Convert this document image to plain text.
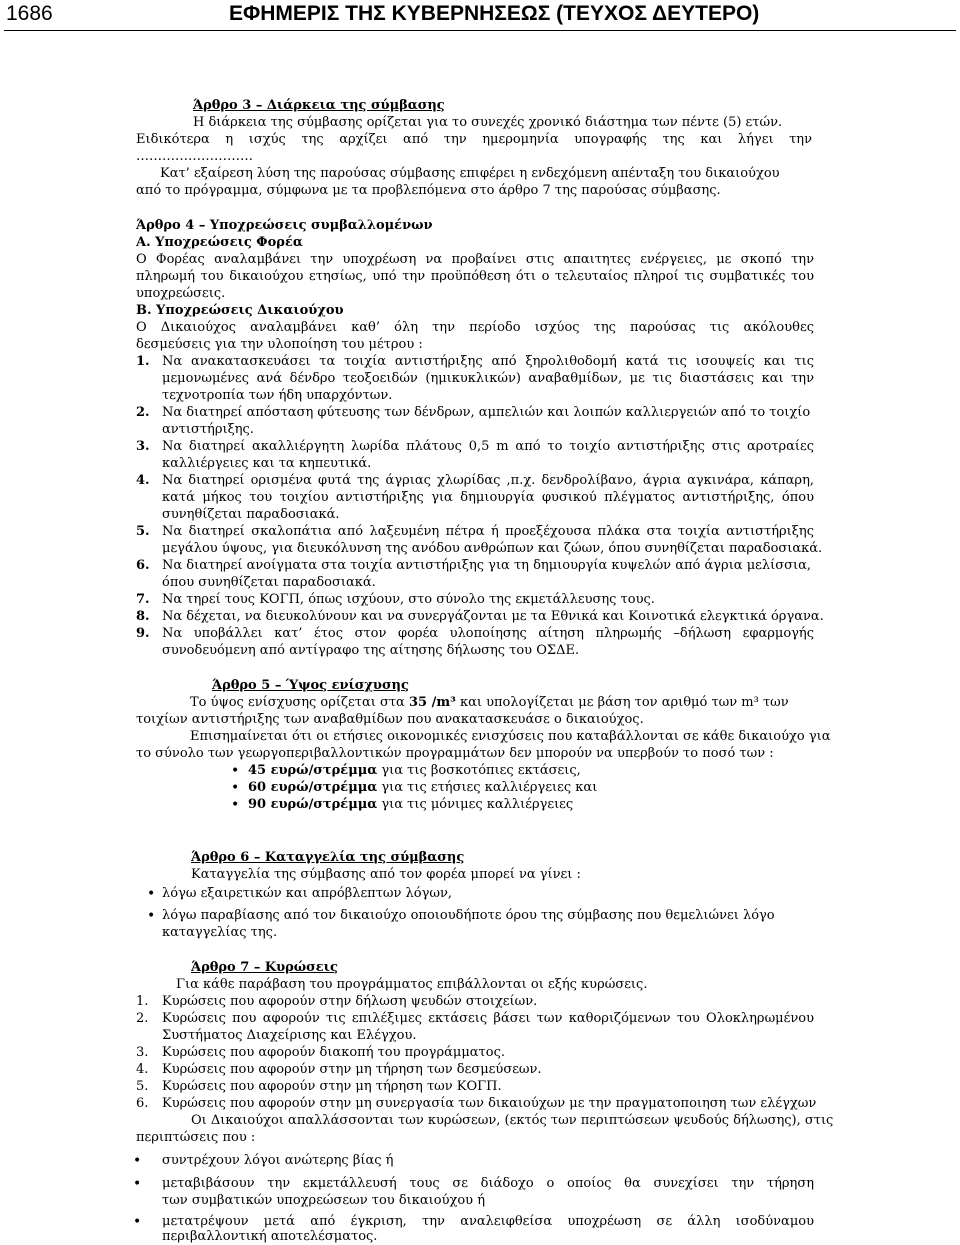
1686	ΕΦΗΜΕΡΙΣ ΤΗΣ ΚΥΒΕΡΝΗΣΕΩΣ (ΤΕΥΧΟΣ ΔΕΥΤΕΡΟ)
Άρθρο 3 – Διάρκεια της σύμβασης
Η διάρκεια της σύμβασης ορίζεται για το συνεχές χρονικό διάστημα των πέντε (5) ετών.
Ειδικότερα η ισχύς της αρχίζει από την ημερομηνία υπογραφής της και λήγει την
………………………
Κατ’ εξαίρεση λύση της παρούσας σύμβασης επιφέρει η ενδεχόμενη απένταξη του δικαιούχου
από το πρόγραμμα, σύμφωνα με τα προβλεπόμενα στο άρθρο 7 της παρούσας σύμβασης.
Άρθρο 4 – Υποχρεώσεις συμβαλλομένων
Α. Υποχρεώσεις Φορέα
Ο Φορέας αναλαμβάνει την υποχρέωση να προβαίνει στις απαιτητες ενέργειες, με σκοπό την
πληρωμή του δικαιούχου ετησίως, υπό την προϋπόθεση ότι ο τελευταίος πληροί τις συμβατικές του
υποχρεώσεις.
Β. Υποχρεώσεις Δικαιούχου
Ο Δικαιούχος αναλαμβάνει καθ’ όλη την περίοδο ισχύος της παρούσας τις ακόλουθες
δεσμεύσεις για την υλοποίηση του μέτρου :
1. Να ανακατασκευάσει τα τοιχία αντιστήριξης από ξηρολιθοδομή κατά τις ισουψείς και τις
μεμονωμένες ανά δένδρο τεοξοειδών (ημικυκλικών) αναβαθμίδων, με τις διαστάσεις και την
τεχνοτροπία των ήδη υπαρχόντων.
2. Να διατηρεί απόσταση φύτευσης των δένδρων, αμπελιών και λοιπών καλλιεργειών από το τοιχίο
αντιστήριξης.
3. Να διατηρεί ακαλλιέργητη λωρίδα πλάτους 0,5 m από το τοιχίο αντιστήριξης στις αροτραίες
καλλιέργειες και τα κηπευτικά.
4. Να διατηρεί ορισμένα φυτά της άγριας χλωρίδας ,π.χ. δενδρολίβανο, άγρια αγκινάρα, κάπαρη,
κατά μήκος του τοιχίου αντιστήριξης για δημιουργία φυσικού πλέγματος αντιστήριξης, όπου
συνηθίζεται παραδοσιακά.
5. Να διατηρεί σκαλοπάτια από λαξευμένη πέτρα ή προεξέχουσα πλάκα στα τοιχία αντιστήριξης
μεγάλου ύψους, για διευκόλυνση της ανόδου ανθρώπων και ζώων, όπου συνηθίζεται παραδοσιακά.
6. Να διατηρεί ανοίγματα στα τοιχία αντιστήριξης για τη δημιουργία κυψελών από άγρια μελίσσια,
όπου συνηθίζεται παραδοσιακά.
7. Να τηρεί τους ΚΟΓΠ, όπως ισχύουν, στο σύνολο της εκμετάλλευσης τους.
8. Να δέχεται, να διευκολύνουν και να συνεργάζονται με τα Εθνικά και Κοινοτικά ελεγκτικά όργανα.
9. Να υποβάλλει κατ’ έτος στον φορέα υλοποίησης αίτηση πληρωμής –δήλωση εφαρμογής
συνοδευόμενη από αντίγραφο της αίτησης δήλωσης του ΟΣΔΕ.
Άρθρο 5 – Ύψος ενίσχυσης
Το ύψος ενίσχυσης ορίζεται στα 35 /m³ και υπολογίζεται με βάση τον αριθμό των m³ των
τοιχίων αντιστήριξης των αναβαθμίδων που ανακατασκευάσε ο δικαιούχος.
Επισημαίνεται ότι οι ετήσιες οικονομικές ενισχύσεις που καταβάλλονται σε κάθε δικαιούχο για
το σύνολο των γεωργοπεριβαλλοντικών προγραμμάτων δεν μπορούν να υπερβούν το ποσό των :
• 45 ευρώ/στρέμμα για τις βοσκοτόπιες εκτάσεις,
• 60 ευρώ/στρέμμα για τις ετήσιες καλλιέργειες και
• 90 ευρώ/στρέμμα για τις μόνιμες καλλιέργειες
Άρθρο 6 – Καταγγελία της σύμβασης
Καταγγελία της σύμβασης από τον φορέα μπορεί να γίνει :
• λόγω εξαιρετικών και απρόβλεπτων λόγων,
• λόγω παραβίασης από τον δικαιούχο οποιουδήποτε όρου της σύμβασης που θεμελιώνει λόγο
καταγγελίας της.
Άρθρο 7 – Κυρώσεις
Για κάθε παράβαση του προγράμματος επιβάλλονται οι εξής κυρώσεις.
1.	Κυρώσεις που αφορούν στην δήλωση ψευδών στοιχείων.
2.	Κυρώσεις που αφορούν τις επιλέξιμες εκτάσεις βάσει των καθοριζόμενων του Ολοκληρωμένου
Συστήματος Διαχείρισης και Ελέγχου.
3.	Κυρώσεις που αφορούν διακοπή του προγράμματος.
4.	Κυρώσεις που αφορούν στην μη τήρηση των δεσμεύσεων.
5.	Κυρώσεις που αφορούν στην μη τήρηση των ΚΟΓΠ.
6.	Κυρώσεις που αφορούν στην μη συνεργασία των δικαιούχων με την πραγματοποιηση των ελέγχων
Οι Δικαιούχοι απαλλάσσονται των κυρώσεων, (εκτός των περιπτώσεων ψευδούς δήλωσης), στις
περιπτώσεις που :
• συντρέχουν λόγοι ανώτερης βίας ή
• μεταβιβάσουν την εκμετάλλευσή τους σε διάδοχο ο οποίος θα συνεχίσει την τήρηση
των συμβατικών υποχρεώσεων του δικαιούχου ή
• μετατρέψουν μετά από έγκριση, την αναλειφθείσα υποχρέωση σε άλλη ισοδύναμου
περιβαλλοντική αποτελέσματος.
